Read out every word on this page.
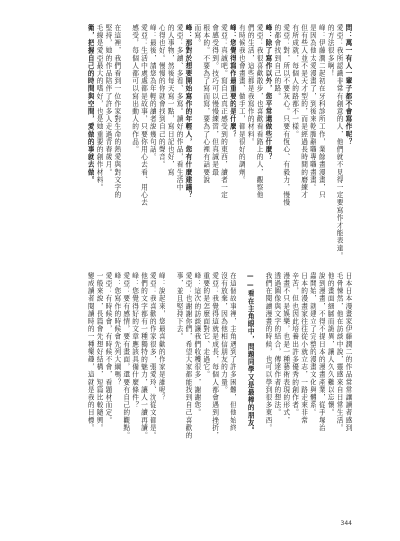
問：萬一有人一輩子都不會寫作呢？
愛亞：我所認識非常有創意的人，他們就不見得一定要寫作才能表達。
的方法很多啊！
峰：伊藤潤二起初在牙科診所工作，業餘畫漫畫，只
是因為他太愛漫畫了，到後來乾脆辭職專職畫畫。
但有些人並不是天才型的，而是經過長時間的磨練才
有所成就，每個人的路都不一樣。
愛亞：對，所以不要灰心。只要有恆心、有毅力，慢慢
的都會找到自己的路。
峰：除了寫作以外，您平常還做些什麼？
愛亞：我很喜歡散步，也喜歡看看路上的人，觀察他
們的生活，這些都是我寫作的材料。
有時候我也會畫畫、做手工，都是很好的調劑。
峰：您覺得寫作最重要的是什麼？
愛亞：真誠吧。寫自己真正感受到的東西，讀者一定
會感受得到。技巧可以慢慢練習，但真誠是最
根本的。不要為了寫而寫，要為了心裡有話要說
而寫。
峰：那對於想要開始寫作的年輕人，您有什麼建議？
愛亞：多讀、多看、多寫。讀好的作品，看生活中
的人事物，然後每天寫一點，寫日記也好，寫
心得也好。慢慢的你就會找到自己的聲音。
峰：最後，請您為年輕的讀者說幾句話。
愛亞：生活中處處都是故事，只要你用心去看、用心去
感受，每個人都可以寫出動人的作品。
在這裡，我們看到一位作家對生命的熱愛與對文字的
堅持，她的作品陪伴了許多人走過青春歲月。
毛線是愛亞最大的嗜好，也是她重要的創作材料。
衛，把握自己的時間與空間，愛做的事就去做。
日本日本漫畫家伊藤潤二的作品常常讓讀者感到
毛骨悚然，他在訪談中說，靈感來自日常生活。
他的畫面細膩而詭異，讓人久久難以忘懷。
說到漫畫，不得不提日本的漫畫產業，從手塚治
蟲開始，就建立了完整的漫畫文化與體系。
日本的漫畫家往往從小就立志，一路走來非常
辛苦，但也因此培養出許多優秀的創作者。
漫畫不只是娛樂，也是一種藝術表現的形式，
透過圖像與文字的結合，傳達作者的想法。
我們在閱讀漫畫的時候，也可以學到很多東西。
——看在主角眼中，問題同學又是最棒的朋友。
在這個故事裡，主角遇到了許多困難，但他始終
沒有放棄，因為他相信朋友的力量。
愛亞：我覺得這就是成長，每個人都會遇到挫折，
重要的是怎麼面對它、走過它。
峰：這次的訪談讓我們收穫很多，謝謝您。
愛亞：也謝謝你們，希望大家都能找到自己喜歡的
事，並且堅持下去。
峰：說起來，您最喜歡的作家是誰呢？
愛亞：我喜歡的作家很多，張愛玲、沈從文都是。
他們的文字都有一種獨特的魅力，讓人一讀再讀。
峰：您覺得好的文章應該具備什麼條件？
愛亞：要有感情，要有畫面，還要有自己的觀點。
峰：您寫作的時候會先列大綱嗎？
愛亞：有時候會，有時候不會，看題材而定。
一般來說，長篇會先想好結構，短篇比較隨興。
變成讀者閱讀時的一種樂趣，這就是我的目標。
344
